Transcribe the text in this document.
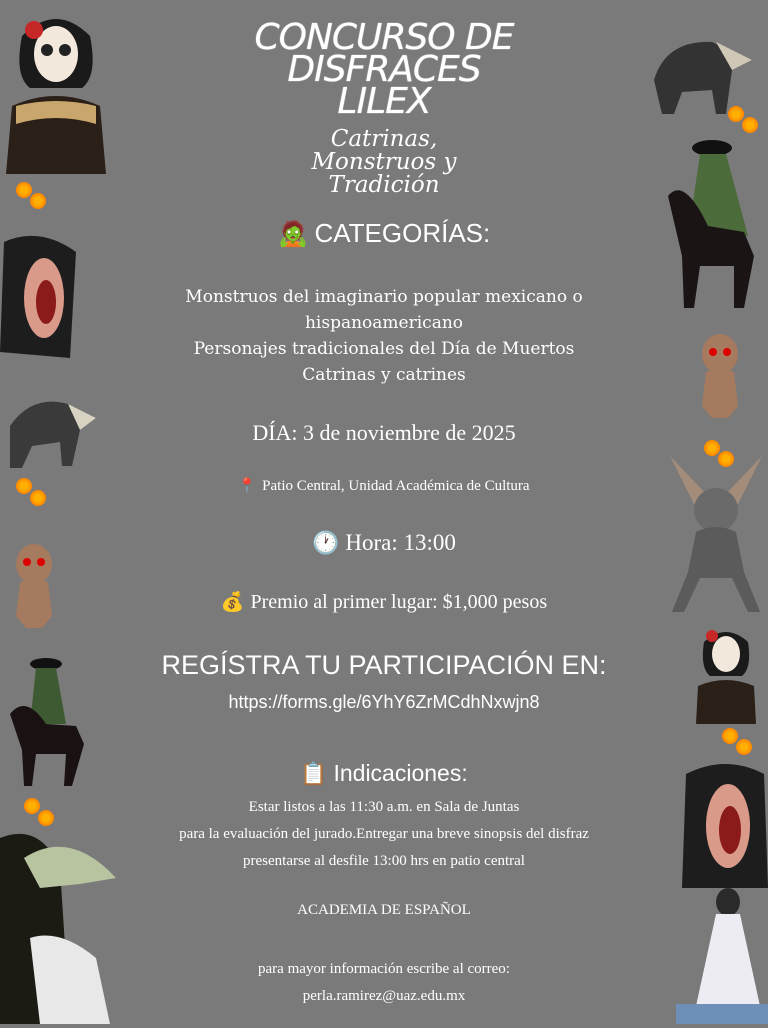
CONCURSO DE
DISFRACES
LILEX
Catrinas,
Monstruos y
Tradición
🧟 CATEGORÍAS:
Monstruos del imaginario popular mexicano o
hispanoamericano
Personajes tradicionales del Día de Muertos
Catrinas y catrines
DÍA: 3 de noviembre de 2025
📍 Patio Central, Unidad Académica de Cultura
🕐 Hora: 13:00
💰 Premio al primer lugar: $1,000 pesos
REGÍSTRA TU PARTICIPACIÓN EN:
https://forms.gle/6YhY6ZrMCdhNxwjn8
📋 Indicaciones:
Estar listos a las 11:30 a.m. en Sala de Juntas
para la evaluación del jurado.Entregar una breve sinopsis del disfraz
presentarse al desfile 13:00 hrs en patio central
ACADEMIA DE ESPAÑOL
para mayor información escribe al correo:
perla.ramirez@uaz.edu.mx
